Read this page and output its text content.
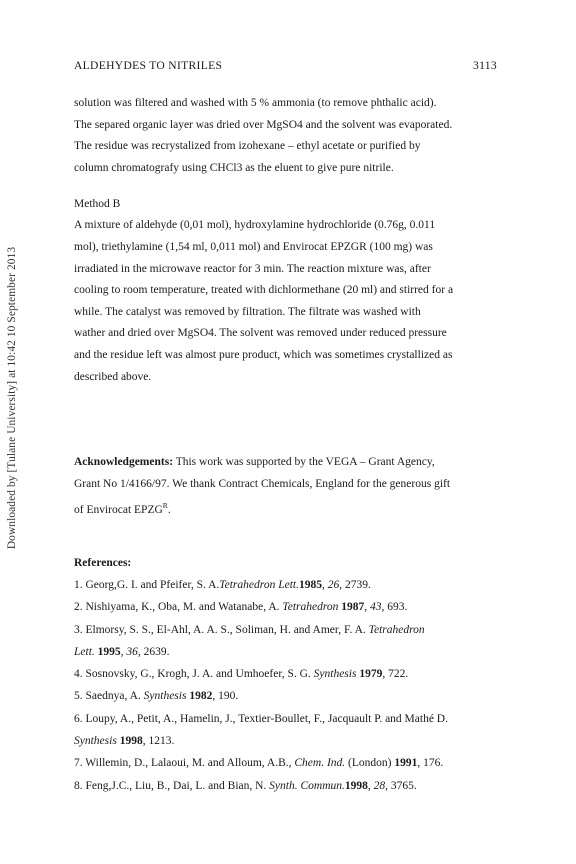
Downloaded by [Tulane University] at 10:42 10 September 2013
ALDEHYDES TO NITRILES	3113

solution was filtered and washed with 5 % ammonia (to remove phthalic acid).

The separed organic layer was dried over MgSO4 and the solvent was evaporated.

The residue was recrystalized from izohexane – ethyl acetate or purified by

column chromatografy using CHCl3 as the eluent to give pure nitrile.

Method B

A mixture of aldehyde (0,01 mol), hydroxylamine hydrochloride (0.76g, 0.011

mol), triethylamine (1,54 ml, 0,011 mol) and Envirocat EPZGR (100 mg) was

irradiated in the microwave reactor for 3 min. The reaction mixture was, after

cooling to room temperature, treated with dichlormethane (20 ml) and stirred for a

while. The catalyst was removed by filtration. The filtrate was washed with

wather and dried over MgSO4. The solvent was removed under reduced pressure

and the residue left was almost pure product, which was sometimes crystallized as

described above.

Acknowledgements: This work was supported by the VEGA – Grant Agency,
Grant No 1/4166/97. We thank Contract Chemicals, England for the generous gift
of Envirocat $EPZG^R$.
References:
1. Georg,G. I. and Pfeifer, S. A.Tetrahedron Lett.1985, 26, 2739.
2. Nishiyama, K., Oba, M. and Watanabe, A. Tetrahedron 1987, 43, 693.
3. Elmorsy, S. S., El-Ahl, A. A. S., Soliman, H. and Amer, F. A. Tetrahedron
Lett. 1995, 36, 2639.
4. Sosnovsky, G., Krogh, J. A. and Umhoefer, S. G. Synthesis 1979, 722.
5. Saednya, A. Synthesis 1982, 190.
6. Loupy, A., Petit, A., Hamelin, J., Textier-Boullet, F., Jacquault P. and Mathé D.
Synthesis 1998, 1213.
7. Willemin, D., Lalaoui, M. and Alloum, A.B., Chem. Ind. (London) 1991, 176.
8. Feng,J.C., Liu, B., Dai, L. and Bian, N. Synth. Commun.1998, 28, 3765.
